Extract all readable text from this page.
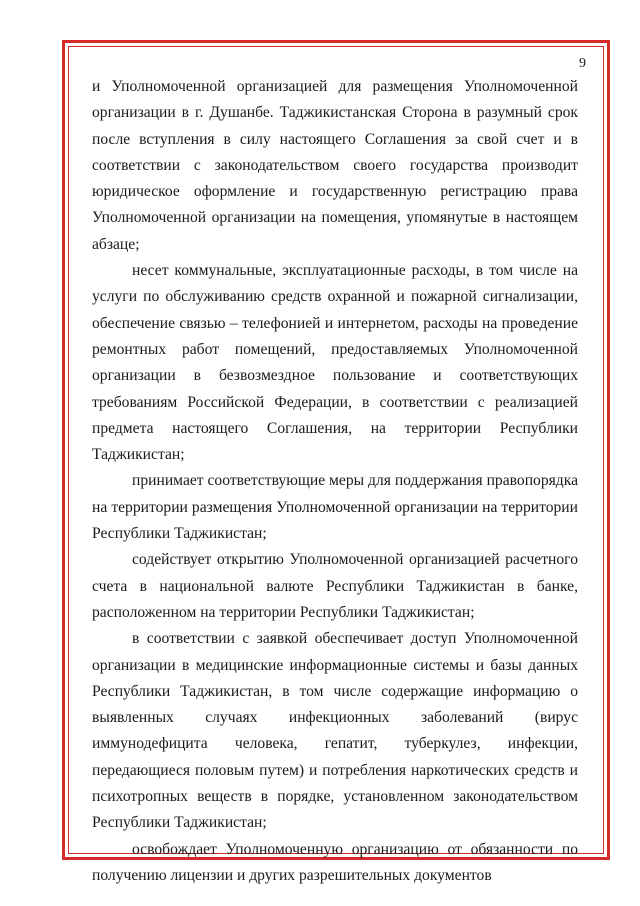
9

и Уполномоченной организацией для размещения Уполномоченной организации в г. Душанбе. Таджикистанская Сторона в разумный срок после вступления в силу настоящего Соглашения за свой счет и в соответствии с законодательством своего государства производит юридическое оформление и государственную регистрацию права Уполномоченной организации на помещения, упомянутые в настоящем абзаце;

несет коммунальные, эксплуатационные расходы, в том числе на услуги по обслуживанию средств охранной и пожарной сигнализации, обеспечение связью – телефонией и интернетом, расходы на проведение ремонтных работ помещений, предоставляемых Уполномоченной организации в безвозмездное пользование и соответствующих требованиям Российской Федерации, в соответствии с реализацией предмета настоящего Соглашения, на территории Республики Таджикистан;

принимает соответствующие меры для поддержания правопорядка на территории размещения Уполномоченной организации на территории Республики Таджикистан;

содействует открытию Уполномоченной организацией расчетного счета в национальной валюте Республики Таджикистан в банке, расположенном на территории Республики Таджикистан;

в соответствии с заявкой обеспечивает доступ Уполномоченной организации в медицинские информационные системы и базы данных Республики Таджикистан, в том числе содержащие информацию о выявленных случаях инфекционных заболеваний (вирус иммунодефицита человека, гепатит, туберкулез, инфекции, передающиеся половым путем) и потребления наркотических средств и психотропных веществ в порядке, установленном законодательством Республики Таджикистан;

освобождает Уполномоченную организацию от обязанности по получению лицензии и других разрешительных документов
